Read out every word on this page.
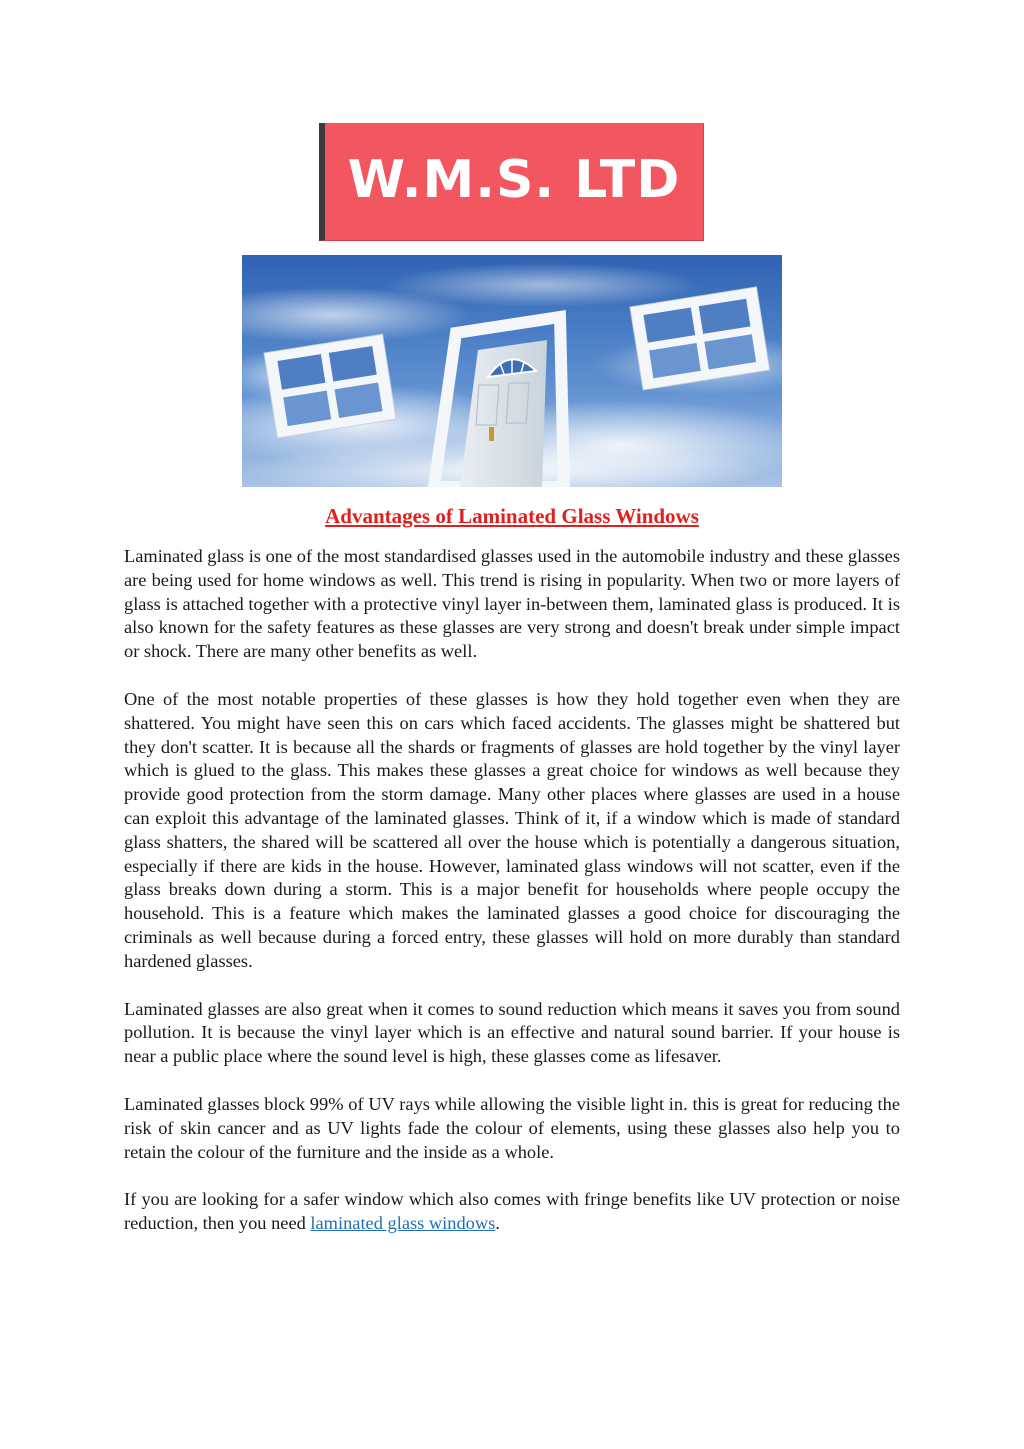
W.M.S. LTD
Advantages of Laminated Glass Windows

Laminated glass is one of the most standardised glasses used in the automobile industry and these glasses are being used for home windows as well. This trend is rising in popularity. When two or more layers of glass is attached together with a protective vinyl layer in-between them, laminated glass is produced. It is also known for the safety features as these glasses are very strong and doesn't break under simple impact or shock. There are many other benefits as well.

One of the most notable properties of these glasses is how they hold together even when they are shattered. You might have seen this on cars which faced accidents. The glasses might be shattered but they don't scatter. It is because all the shards or fragments of glasses are hold together by the vinyl layer which is glued to the glass. This makes these glasses a great choice for windows as well because they provide good protection from the storm damage. Many other places where glasses are used in a house can exploit this advantage of the laminated glasses. Think of it, if a window which is made of standard glass shatters, the shared will be scattered all over the house which is potentially a dangerous situation, especially if there are kids in the house. However, laminated glass windows will not scatter, even if the glass breaks down during a storm. This is a major benefit for households where people occupy the household. This is a feature which makes the laminated glasses a good choice for discouraging the criminals as well because during a forced entry, these glasses will hold on more durably than standard hardened glasses.

Laminated glasses are also great when it comes to sound reduction which means it saves you from sound pollution. It is because the vinyl layer which is an effective and natural sound barrier. If your house is near a public place where the sound level is high, these glasses come as lifesaver.

Laminated glasses block 99% of UV rays while allowing the visible light in. this is great for reducing the risk of skin cancer and as UV lights fade the colour of elements, using these glasses also help you to retain the colour of the furniture and the inside as a whole.

If you are looking for a safer window which also comes with fringe benefits like UV protection or noise reduction, then you need laminated glass windows.
